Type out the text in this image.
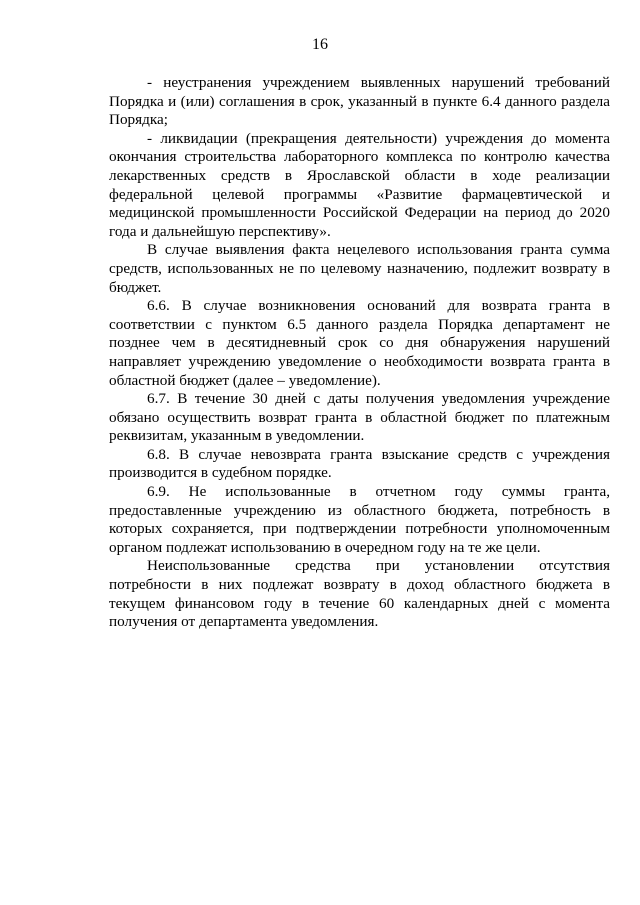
16

- неустранения учреждением выявленных нарушений требований Порядка и (или) соглашения в срок, указанный в пункте 6.4 данного раздела Порядка;

- ликвидации (прекращения деятельности) учреждения до момента окончания строительства лабораторного комплекса по контролю качества лекарственных средств в Ярославской области в ходе реализации федеральной целевой программы «Развитие фармацевтической и медицинской промышленности Российской Федерации на период до 2020 года и дальнейшую перспективу».

В случае выявления факта нецелевого использования гранта сумма средств, использованных не по целевому назначению, подлежит возврату в бюджет.

6.6. В случае возникновения оснований для возврата гранта в соответствии с пунктом 6.5 данного раздела Порядка департамент не позднее чем в десятидневный срок со дня обнаружения нарушений направляет учреждению уведомление о необходимости возврата гранта в областной бюджет (далее – уведомление).

6.7. В течение 30 дней с даты получения уведомления учреждение обязано осуществить возврат гранта в областной бюджет по платежным реквизитам, указанным в уведомлении.

6.8. В случае невозврата гранта взыскание средств с учреждения производится в судебном порядке.

6.9. Не использованные в отчетном году суммы гранта, предоставленные учреждению из областного бюджета, потребность в которых сохраняется, при подтверждении потребности уполномоченным органом подлежат использованию в очередном году на те же цели.

Неиспользованные средства при установлении отсутствия потребности в них подлежат возврату в доход областного бюджета в текущем финансовом году в течение 60 календарных дней с момента получения от департамента уведомления.
